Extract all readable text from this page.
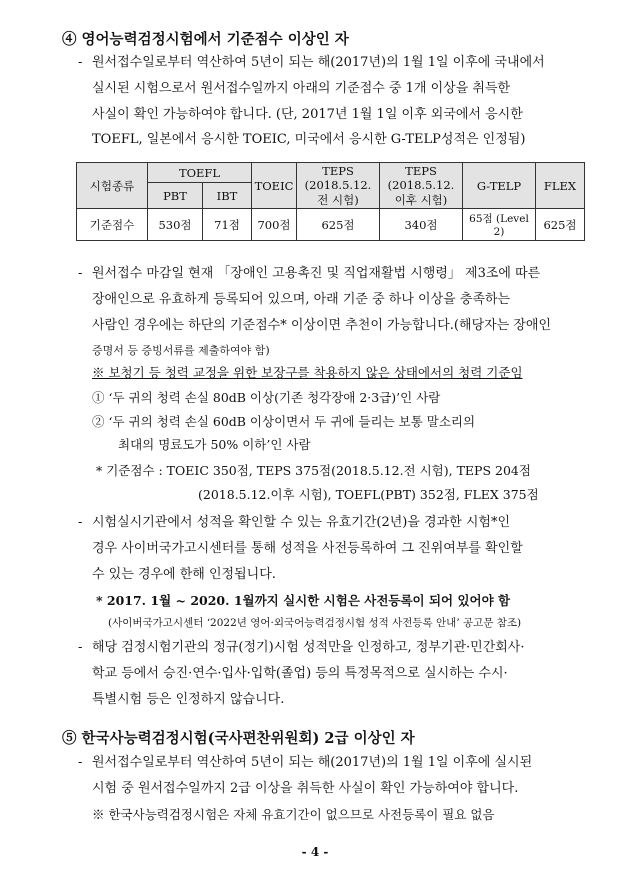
④ 영어능력검정시험에서 기준점수 이상인 자
- 원서접수일로부터 역산하여 5년이 되는 해(2017년)의 1월 1일 이후에 국내에서
실시된 시험으로서 원서접수일까지 아래의 기준점수 중 1개 이상을 취득한
사실이 확인 가능하여야 합니다. (단, 2017년 1월 1일 이후 외국에서 응시한
TOEFL, 일본에서 응시한 TOEIC, 미국에서 응시한 G-TELP성적은 인정됨)
시험종류	TOEFL		TOEIC	TEPS (2018.5.12. 전 시험)	TEPS (2018.5.12. 이후 시험)	G-TELP	FLEX
	PBT	IBT					
기준점수	530점	71점	700점	625점	340점	65점 (Level 2)	625점
- 원서접수 마감일 현재 「장애인 고용촉진 및 직업재활법 시행령」 제3조에 따른
장애인으로 유효하게 등록되어 있으며, 아래 기준 중 하나 이상을 충족하는
사람인 경우에는 하단의 기준점수* 이상이면 추천이 가능합니다.(해당자는 장애인
증명서 등 증빙서류를 제출하여야 함)
※ 보청기 등 청력 교정을 위한 보장구를 착용하지 않은 상태에서의 청력 기준임
① ‘두 귀의 청력 손실 80dB 이상(기존 청각장애 2·3급)’인 사람
② ‘두 귀의 청력 손실 60dB 이상이면서 두 귀에 들리는 보통 말소리의
최대의 명료도가 50% 이하’인 사람
* 기준점수 : TOEIC 350점, TEPS 375점(2018.5.12.전 시험), TEPS 204점
(2018.5.12.이후 시험), TOEFL(PBT) 352점, FLEX 375점
- 시험실시기관에서 성적을 확인할 수 있는 유효기간(2년)을 경과한 시험*인
경우 사이버국가고시센터를 통해 성적을 사전등록하여 그 진위여부를 확인할
수 있는 경우에 한해 인정됩니다.
* 2017. 1월 ~ 2020. 1월까지 실시한 시험은 사전등록이 되어 있어야 함
(사이버국가고시센터 ‘2022년 영어·외국어능력검정시험 성적 사전등록 안내’ 공고문 참조)
- 해당 검정시험기관의 정규(정기)시험 성적만을 인정하고, 정부기관·민간회사·
학교 등에서 승진·연수·입사·입학(졸업) 등의 특정목적으로 실시하는 수시·
특별시험 등은 인정하지 않습니다.
⑤ 한국사능력검정시험(국사편찬위원회) 2급 이상인 자
- 원서접수일로부터 역산하여 5년이 되는 해(2017년)의 1월 1일 이후에 실시된
시험 중 원서접수일까지 2급 이상을 취득한 사실이 확인 가능하여야 합니다.
※ 한국사능력검정시험은 자체 유효기간이 없으므로 사전등록이 필요 없음
- 4 -
